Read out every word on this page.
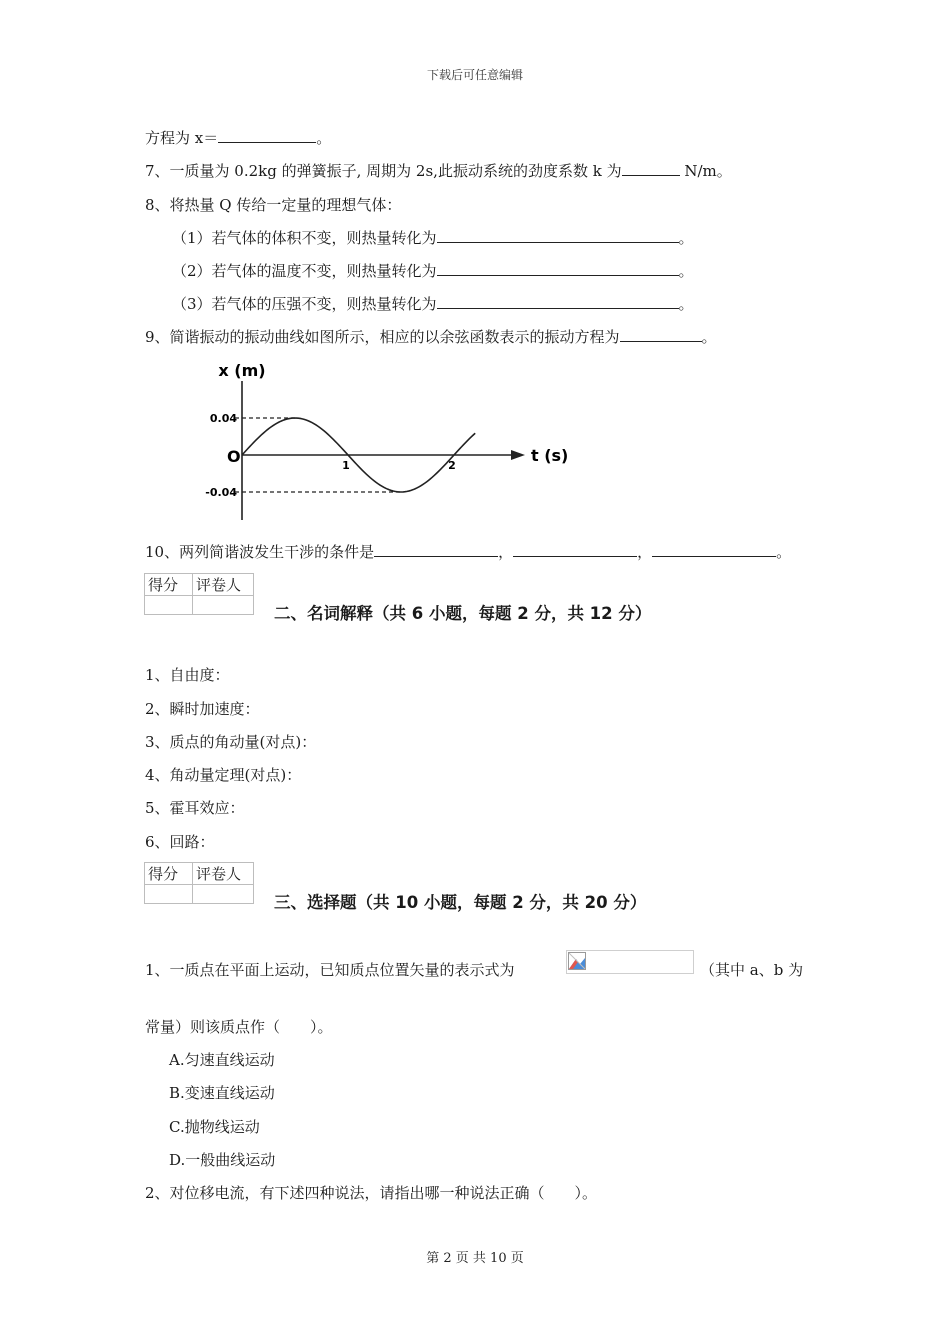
下载后可任意编辑
方程为 x＝	。
7、一质量为 0.2kg 的弹簧振子, 周期为 2s,此振动系统的劲度系数 k 为	N/m。
8、将热量 Q 传给一定量的理想气体：
（1）若气体的体积不变，则热量转化为	。
（2）若气体的温度不变，则热量转化为	。
（3）若气体的压强不变，则热量转化为	。
9、简谐振动的振动曲线如图所示，相应的以余弦函数表示的振动方程为	。
x (m)
t (s)
O
0.04
-0.04
1	2
10、两列简谐波发生干涉的条件是	，	，	。
得分	评卷人

二、名词解释（共 6 小题，每题 2 分，共 12 分）
1、自由度：
2、瞬时加速度：
3、质点的角动量(对点)：
4、角动量定理(对点)：
5、霍耳效应：
6、回路：
得分	评卷人

三、选择题（共 10 小题，每题 2 分，共 20 分）
1、一质点在平面上运动，已知质点位置矢量的表示式为	（其中 a、b 为
常量）则该质点作（　　）。
A.匀速直线运动
B.变速直线运动
C.抛物线运动
D.一般曲线运动
2、对位移电流，有下述四种说法，请指出哪一种说法正确（　　）。
第 2 页 共 10 页
